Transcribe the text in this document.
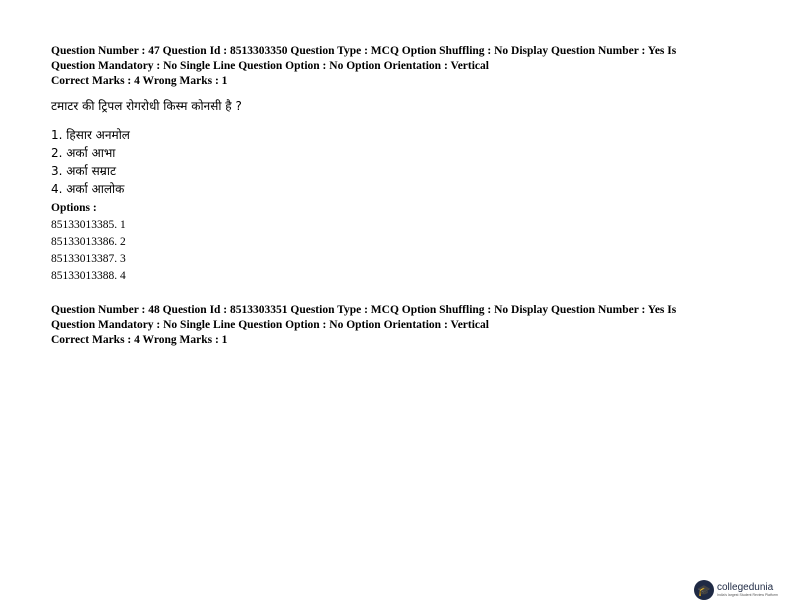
Question Number : 47 Question Id : 8513303350 Question Type : MCQ Option Shuffling : No Display Question Number : Yes Is
Question Mandatory : No Single Line Question Option : No Option Orientation : Vertical
Correct Marks : 4 Wrong Marks : 1
टमाटर की ट्रिपल रोगरोधी किस्म कोनसी है ?
1. हिसार अनमोल
2. अर्का आभा
3. अर्का सम्राट
4. अर्का आलोक
Options :
85133013385. 1
85133013386. 2
85133013387. 3
85133013388. 4
Question Number : 48 Question Id : 8513303351 Question Type : MCQ Option Shuffling : No Display Question Number : Yes Is
Question Mandatory : No Single Line Question Option : No Option Orientation : Vertical
Correct Marks : 4 Wrong Marks : 1
🎓 collegedunia
India's largest Student Review Platform
